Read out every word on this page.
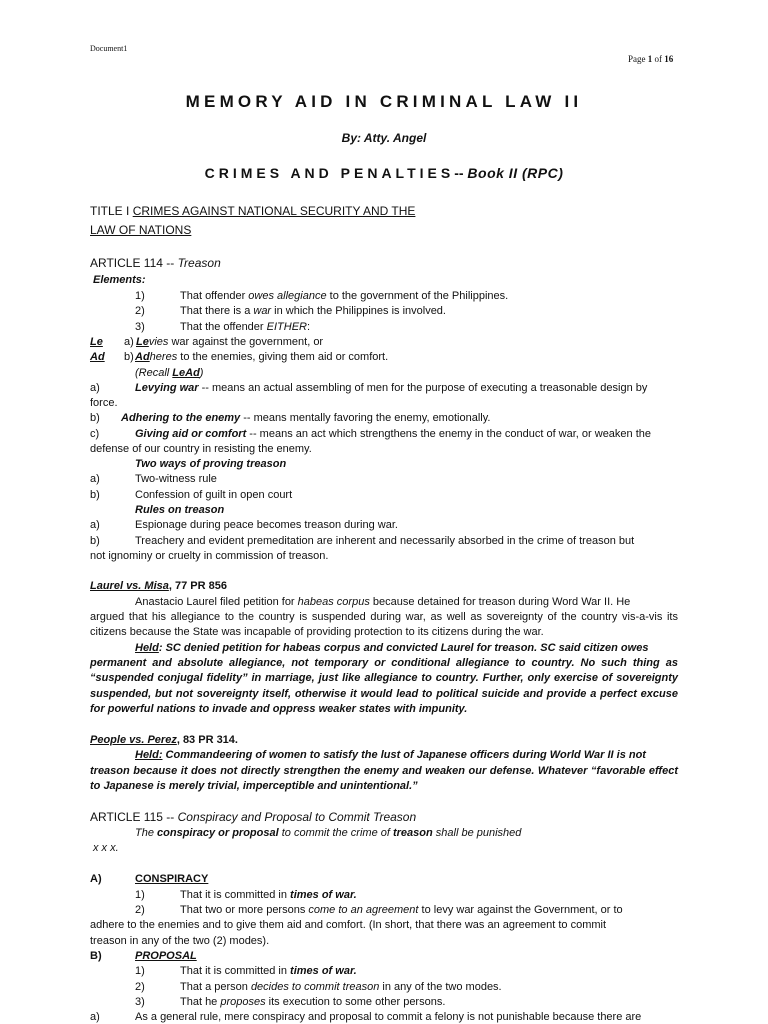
Document1
Page 1 of 16
MEMORY AID IN CRIMINAL LAW II
By: Atty. Angel
CRIMES AND PENALTIES-- Book II (RPC)
TITLE I CRIMES AGAINST NATIONAL SECURITY AND THE
LAW OF NATIONS
ARTICLE 114 -- Treason
Elements:
1)	That offender owes allegiance to the government of the Philippines.
2)	That there is a war in which the Philippines is involved.
3)	That the offender EITHER:
Le a) Levies war against the government, or
Ad b) Adheres to the enemies, giving them aid or comfort.
(Recall LeAd)
a)	Levying war -- means an actual assembling of men for the purpose of executing a treasonable design by
force.
b) Adhering to the enemy -- means mentally favoring the enemy, emotionally.
c)	Giving aid or comfort -- means an act which strengthens the enemy in the conduct of war, or weaken the
defense of our country in resisting the enemy.
Two ways of proving treason
a)	Two-witness rule
b)	Confession of guilt in open court
Rules on treason
a)	Espionage during peace becomes treason during war.
b)	Treachery and evident premeditation are inherent and necessarily absorbed in the crime of treason but
not ignominy or cruelty in commission of treason.
Laurel vs. Misa, 77 PR 856
Anastacio Laurel filed petition for habeas corpus because detained for treason during Word War II. He
argued that his allegiance to the country is suspended during war, as well as sovereignty of the country vis-a-vis its
citizens because the State was incapable of providing protection to its citizens during the war.
Held: SC denied petition for habeas corpus and convicted Laurel for treason. SC said citizen owes
permanent and absolute allegiance, not temporary or conditional allegiance to country. No such thing as
“suspended conjugal fidelity” in marriage, just like allegiance to country. Further, only exercise of sovereignty
suspended, but not sovereignty itself, otherwise it would lead to political suicide and provide a perfect excuse
for powerful nations to invade and oppress weaker states with impunity.
People vs. Perez, 83 PR 314.
Held: Commandeering of women to satisfy the lust of Japanese officers during World War II is not
treason because it does not directly strengthen the enemy and weaken our defense. Whatever “favorable effect
to Japanese is merely trivial, imperceptible and unintentional.”
ARTICLE 115 -- Conspiracy and Proposal to Commit Treason
The conspiracy or proposal to commit the crime of treason shall be punished
x x x.
A)	CONSPIRACY
1)	That it is committed in times of war.
2)	That two or more persons come to an agreement to levy war against the Government, or to
adhere to the enemies and to give them aid and comfort. (In short, that there was an agreement to commit
treason in any of the two (2) modes).
B)	PROPOSAL
1)	That it is committed in times of war.
2)	That a person decides to commit treason in any of the two modes.
3)	That he proposes its execution to some other persons.
a)	As a general rule, mere conspiracy and proposal to commit a felony is not punishable because there are
